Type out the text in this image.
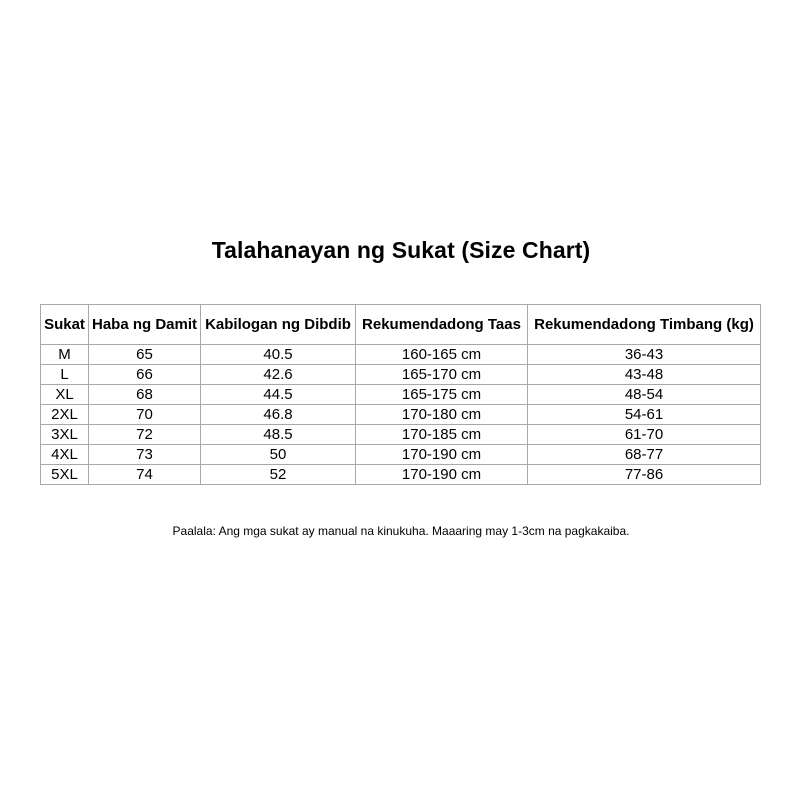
Talahanayan ng Sukat (Size Chart)
Sukat	Haba ng Damit	Kabilogan ng Dibdib	Rekumendadong Taas	Rekumendadong Timbang (kg)
M	65	40.5	160-165 cm	36-43
L	66	42.6	165-170 cm	43-48
XL	68	44.5	165-175 cm	48-54
2XL	70	46.8	170-180 cm	54-61
3XL	72	48.5	170-185 cm	61-70
4XL	73	50	170-190 cm	68-77
5XL	74	52	170-190 cm	77-86
Paalala: Ang mga sukat ay manual na kinukuha. Maaaring may 1-3cm na pagkakaiba.
